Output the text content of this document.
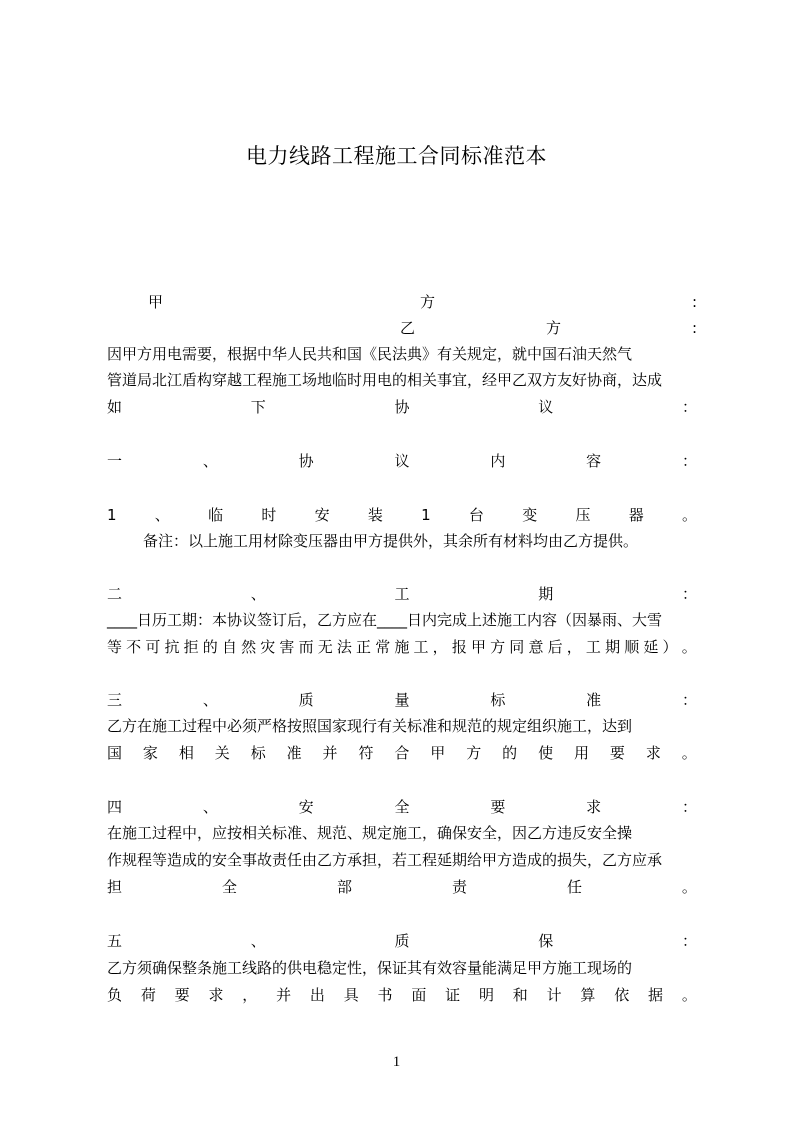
电力线路工程施工合同标准范本
甲	方	:
乙	方	:
因甲方用电需要，根据中华人民共和国《民法典》有关规定，就中国石油天然气
管道局北江盾构穿越工程施工场地临时用电的相关事宜，经甲乙双方友好协商，达成
如	下	协	议	：
一	、	协	议	内	容	：
1	、	临	时	安	装	1	台	变	压	器	。
备注：以上施工用材除变压器由甲方提供外，其余所有材料均由乙方提供。
二	、	工	期	：
____日历工期：本协议签订后，乙方应在____日内完成上述施工内容（因暴雨、大雪
等 不 可 抗 拒 的 自 然 灾 害 而 无 法 正 常 施 工 ， 报 甲 方 同 意 后 ， 工 期 顺 延 ） 。
三	、	质	量	标	准	：
乙方在施工过程中必须严格按照国家现行有关标准和规范的规定组织施工，达到
国 家 相 关 标 准 并 符 合 甲 方 的 使 用 要 求 。
四	、	安	全	要	求	：
在施工过程中，应按相关标准、规范、规定施工，确保安全，因乙方违反安全操
作规程等造成的安全事故责任由乙方承担，若工程延期给甲方造成的损失，乙方应承
担	全	部	责	任	。
五	、	质	保	：
乙方须确保整条施工线路的供电稳定性，保证其有效容量能满足甲方施工现场的
负 荷 要 求 ， 并 出 具 书 面 证 明 和 计 算 依 据 。
1
